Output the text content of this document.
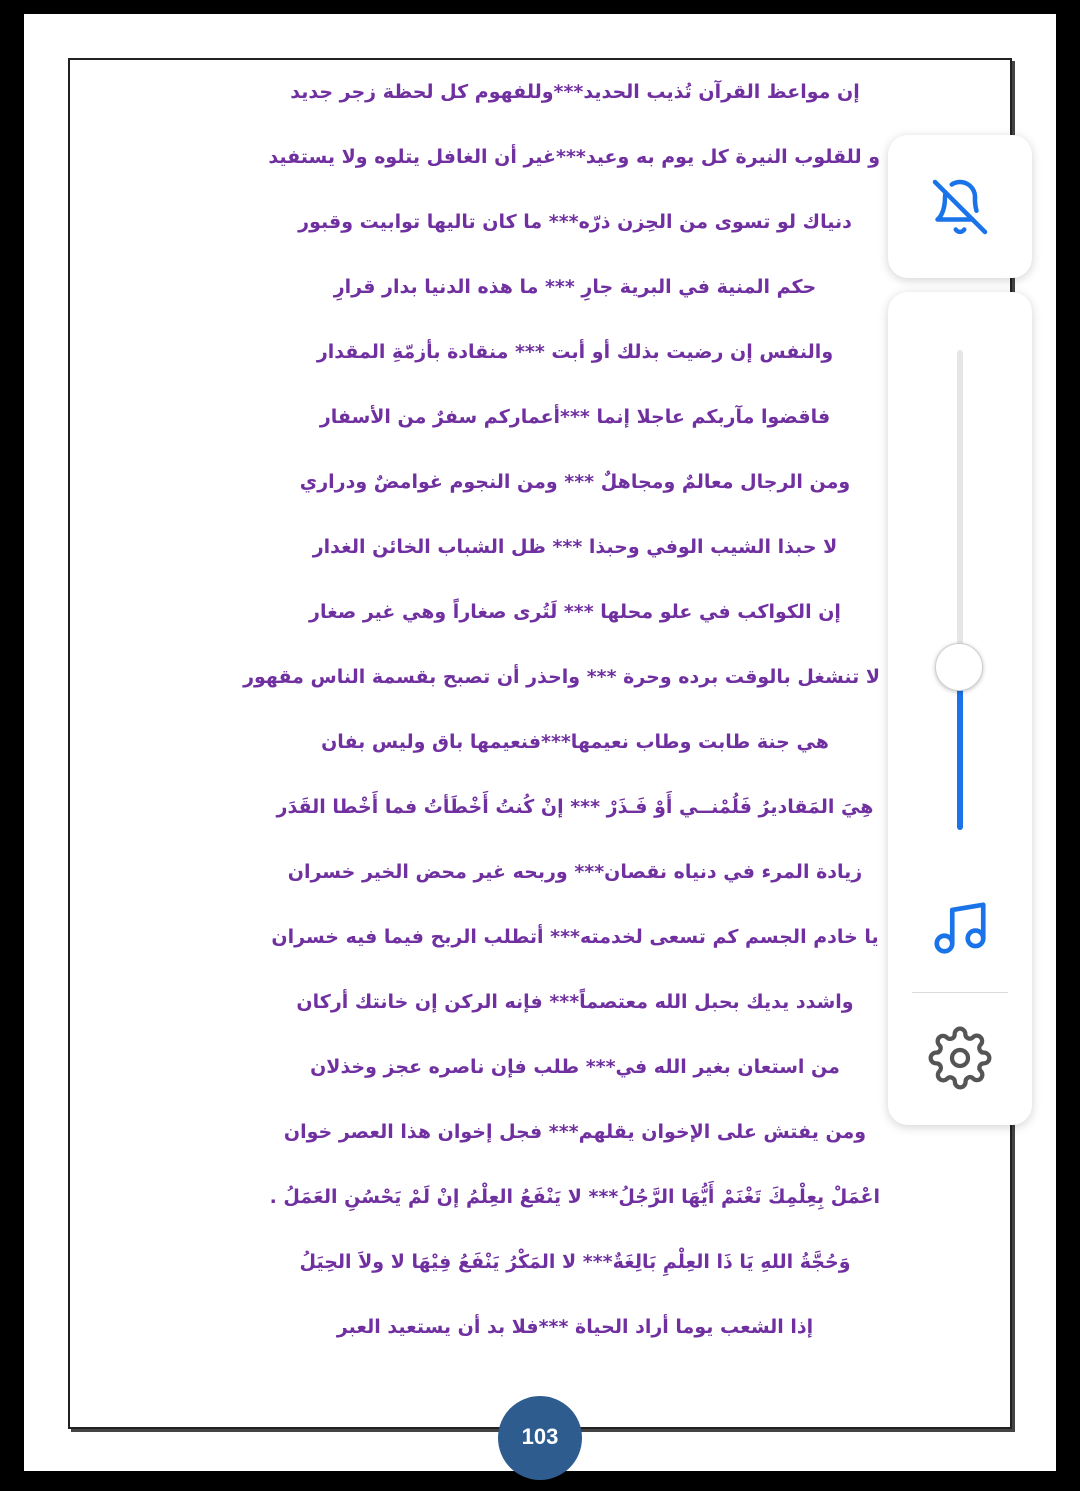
إن مواعظ القرآن تُذيب الحديد***وللفهوم كل لحظة زجر جديد
و للقلوب النيرة كل يوم به وعيد***غير أن الغافل يتلوه ولا يستفيد
دنياك لو تسوى من الحِزن ذرّه*** ما كان تاليها توابيت وقبور
حكم المنية في البرية جارِ *** ما هذه الدنيا بدار قرارِ
والنفس إن رضيت بذلك أو أبت *** منقادة بأزمّةِ المقدار
فاقضوا مآربكم عاجلا إنما ***أعماركم سفرٌ من الأسفار
ومن الرجال معالمٌ ومجاهلٌ *** ومن النجوم غوامضٌ ودراري
لا حبذا الشيب الوفي وحبذا *** ظل الشباب الخائن الغدار
إن الكواكب في علو محلها *** لَتُرى صغاراً وهي غير صغار
لا تنشغل بالوقت برده وحرة *** واحذر أن تصبح بقسمة الناس مقهور
هي جنة طابت وطاب نعيمها***فنعيمها باق وليس بفان
هِيَ المَقاديرُ فَلُمْنــي أَوْ فَـذَرْ *** إنْ كُنتُ أَخْطَأتُ فما أَخْطا القَدَر
زيادة المرء في دنياه نقصان*** وربحه غير محض الخير خسران
يا خادم الجسم كم تسعى لخدمته*** أتطلب الربح فيما فيه خسران
واشدد يديك بحبل الله معتصماً*** فإنه الركن إن خانتك أركان
من استعان بغير الله في*** طلب فإن ناصره عجز وخذلان
ومن يفتش على الإخوان يقلهم*** فجل إخوان هذا العصر خوان
اعْمَلْ بِعِلْمِكَ تَغْنَمْ أَيُّهَا الرَّجُلُ*** لا يَنْفَعُ العِلْمُ إنْ لَمْ يَحْسُنِ العَمَلُ .
وَحُجَّةُ اللهِ يَا ذَا العِلْمِ بَالِغَةٌ*** لا المَكْرُ يَنْفَعُ فِيْهَا لا ولاَ الحِيَلُ
إذا الشعب يوما أراد الحياة ***فلا بد أن يستعيد العبر
103
